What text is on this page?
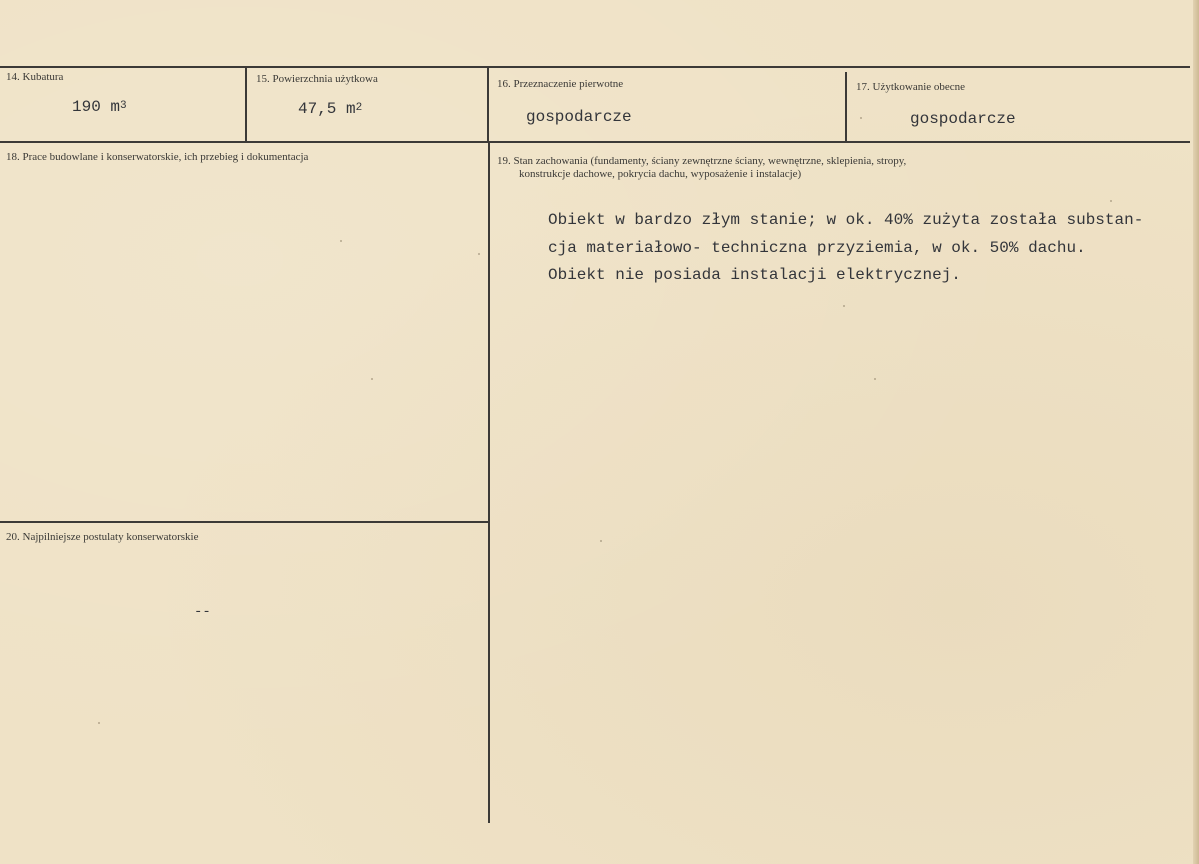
14. Kubatura
190 $m^3$
15. Powierzchnia użytkowa
47,5 $m^2$
16. Przeznaczenie pierwotne
gospodarcze
17. Użytkowanie obecne
gospodarcze
18. Prace budowlane i konserwatorskie, ich przebieg i dokumentacja	19. Stan zachowania (fundamenty, ściany zewnętrzne ściany, wewnętrzne, sklepienia, stropy,
konstrukcje dachowe, pokrycia dachu, wyposażenie i instalacje)
Obiekt w bardzo złym stanie; w ok. 40% zużyta została substan-
cja materiałowo- techniczna przyziemia, w ok. 50% dachu.
Obiekt nie posiada instalacji elektrycznej.
20. Najpilniejsze postulaty konserwatorskie
--
